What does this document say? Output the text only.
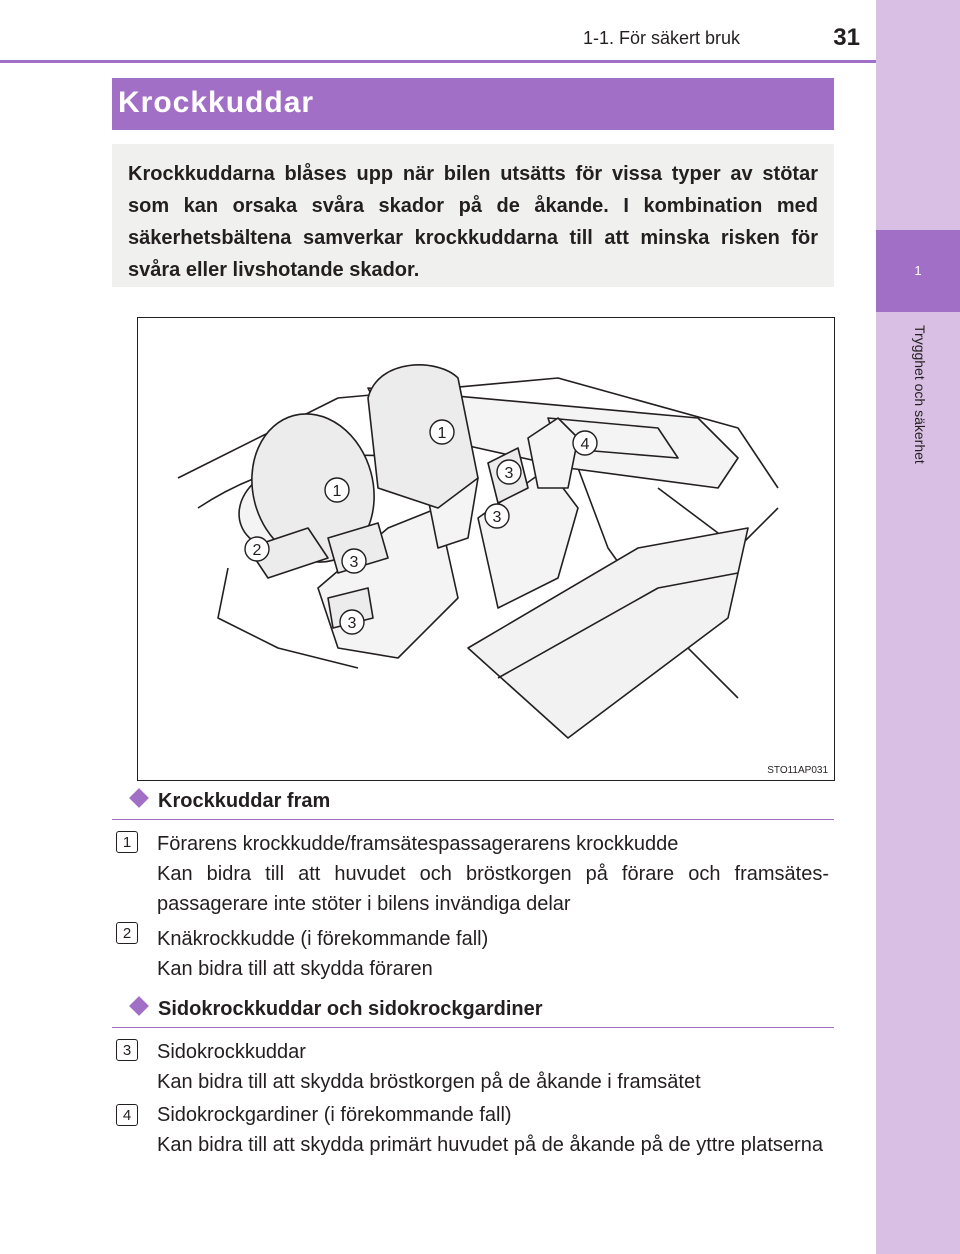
1
Trygghet och säkerhet
1-1. För säkert bruk	31
Krockkuddar

Krockkuddarna blåses upp när bilen utsätts för vissa typer av stötar som kan orsaka svåra skador på de åkande. I kombination med säkerhetsbältena samverkar krockkuddarna till att minska risken för svåra eller livshotande skador.

1
1
2
3
3
3
3
4
STO11AP031
Krockkuddar fram
1	Förarens krockkudde/framsätespassagerarens krockkudde
Kan bidra till att huvudet och bröstkorgen på förare och framsätes-passagerare inte stöter i bilens invändiga delar
2	Knäkrockkudde (i förekommande fall)
Kan bidra till att skydda föraren
Sidokrockkuddar och sidokrockgardiner
3	Sidokrockkuddar
Kan bidra till att skydda bröstkorgen på de åkande i framsätet
4	Sidokrockgardiner (i förekommande fall)
Kan bidra till att skydda primärt huvudet på de åkande på de yttre platserna
